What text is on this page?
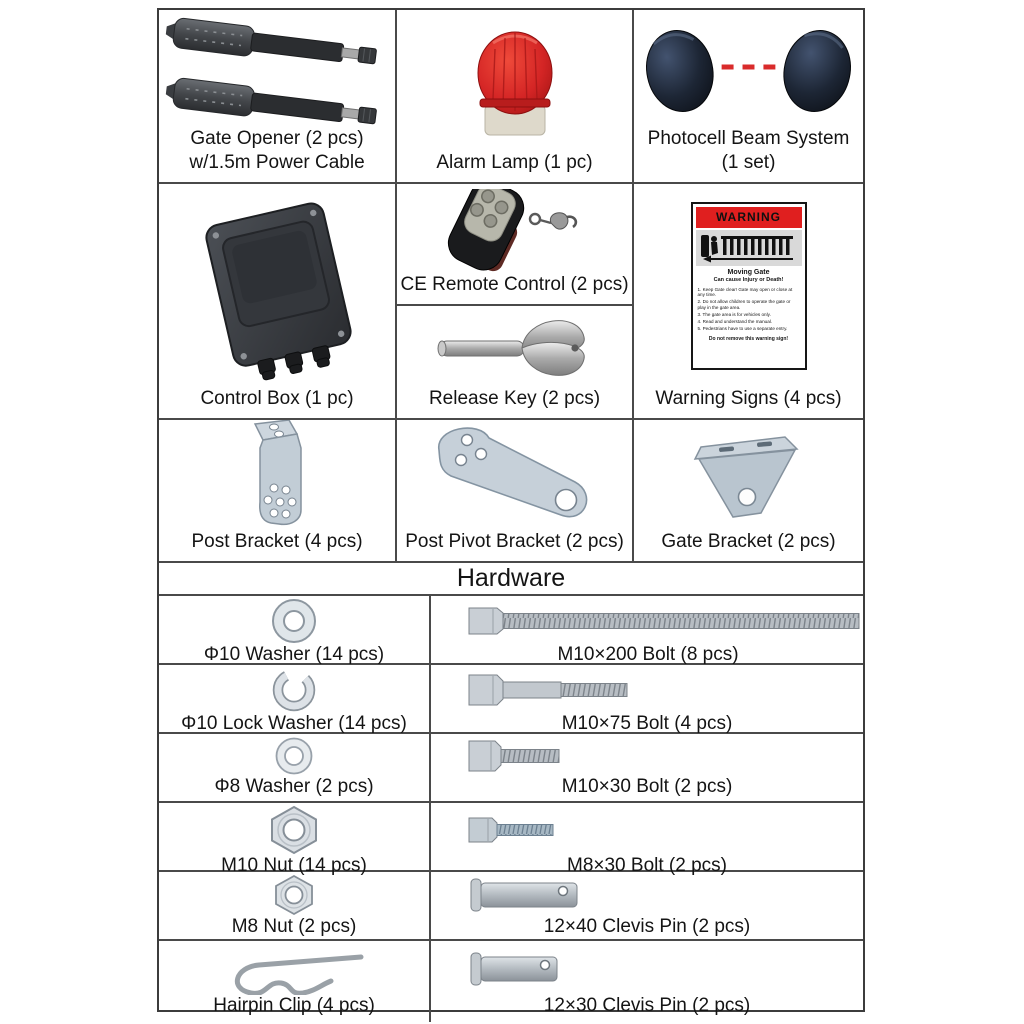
Gate Opener (2 pcs)
w/1.5m Power Cable	Alarm Lamp (1 pc)
Photocell Beam System
(1 set)
Control Box (1 pc)
CE Remote Control (2 pcs)
Release Key (2 pcs)
WARNING
Moving Gate
Can cause Injury or Death!
1. Keep Gate clear! Gate may open or close at any time.
2. Do not allow children to operate the gate or play in the gate area.
3. The gate area is for vehicles only.
4. Read and understand the manual.
5. Pedestrians have to use a separate entry.
Do not remove this warning sign!
Warning Signs (4 pcs)
Post Bracket (4 pcs) Post Pivot Bracket (2 pcs) Gate Bracket (2 pcs)
Hardware
Φ10 Washer (14 pcs)	M10×200 Bolt (8 pcs)
Φ10 Lock Washer (14 pcs)	M10×75 Bolt (4 pcs)
Φ8 Washer (2 pcs)	M10×30 Bolt (2 pcs)
M10 Nut (14 pcs)	M8×30 Bolt (2 pcs)
M8 Nut (2 pcs)	12×40 Clevis Pin (2 pcs)
Hairpin Clip (4 pcs)	12×30 Clevis Pin (2 pcs)
